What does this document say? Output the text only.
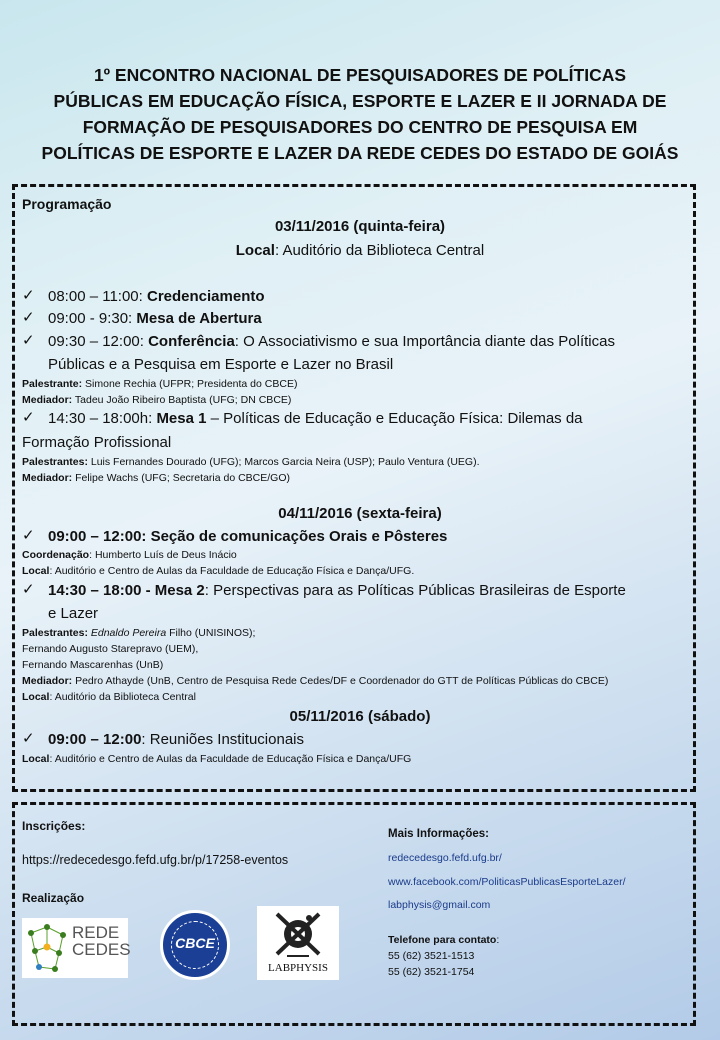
1º ENCONTRO NACIONAL DE PESQUISADORES DE POLÍTICAS
PÚBLICAS EM EDUCAÇÃO FÍSICA, ESPORTE E LAZER E II JORNADA DE
FORMAÇÃO DE PESQUISADORES DO CENTRO DE PESQUISA EM
POLÍTICAS DE ESPORTE E LAZER DA REDE CEDES DO ESTADO DE GOIÁS
Programação
03/11/2016 (quinta-feira)
Local: Auditório da Biblioteca Central
✓ 08:00 – 11:00: Credenciamento
✓ 09:00 - 9:30: Mesa de Abertura
✓ 09:30 – 12:00: Conferência: O Associativismo e sua Importância diante das Políticas
Públicas e a Pesquisa em Esporte e Lazer no Brasil
Palestrante: Simone Rechia (UFPR; Presidenta do CBCE)
Mediador: Tadeu João Ribeiro Baptista (UFG; DN CBCE)
✓ 14:30 – 18:00h: Mesa 1 – Políticas de Educação e Educação Física: Dilemas da
Formação Profissional
Palestrantes: Luis Fernandes Dourado (UFG); Marcos Garcia Neira (USP); Paulo Ventura (UEG).
Mediador: Felipe Wachs (UFG; Secretaria do CBCE/GO)
04/11/2016 (sexta-feira)
✓ 09:00 – 12:00: Seção de comunicações Orais e Pôsteres
Coordenação: Humberto Luís de Deus Inácio
Local: Auditório e Centro de Aulas da Faculdade de Educação Física e Dança/UFG.
✓ 14:30 – 18:00 - Mesa 2: Perspectivas para as Políticas Públicas Brasileiras de Esporte
e Lazer
Palestrantes: Ednaldo Pereira Filho (UNISINOS);
Fernando Augusto Starepravo (UEM),
Fernando Mascarenhas (UnB)
Mediador: Pedro Athayde (UnB, Centro de Pesquisa Rede Cedes/DF e Coordenador do GTT de Políticas Públicas do CBCE)
Local: Auditório da Biblioteca Central
05/11/2016 (sábado)
✓ 09:00 – 12:00: Reuniões Institucionais
Local: Auditório e Centro de Aulas da Faculdade de Educação Física e Dança/UFG
Inscrições:
https://redecedesgo.fefd.ufg.br/p/17258-eventos
Realização
Mais Informações:
redecedesgo.fefd.ufg.br/
www.facebook.com/PoliticasPublicasEsporteLazer/
labphysis@gmail.com
Telefone para contato:
55 (62) 3521-1513
55 (62) 3521-1754
REDE
CEDES	CBCE
LABPHYSIS
